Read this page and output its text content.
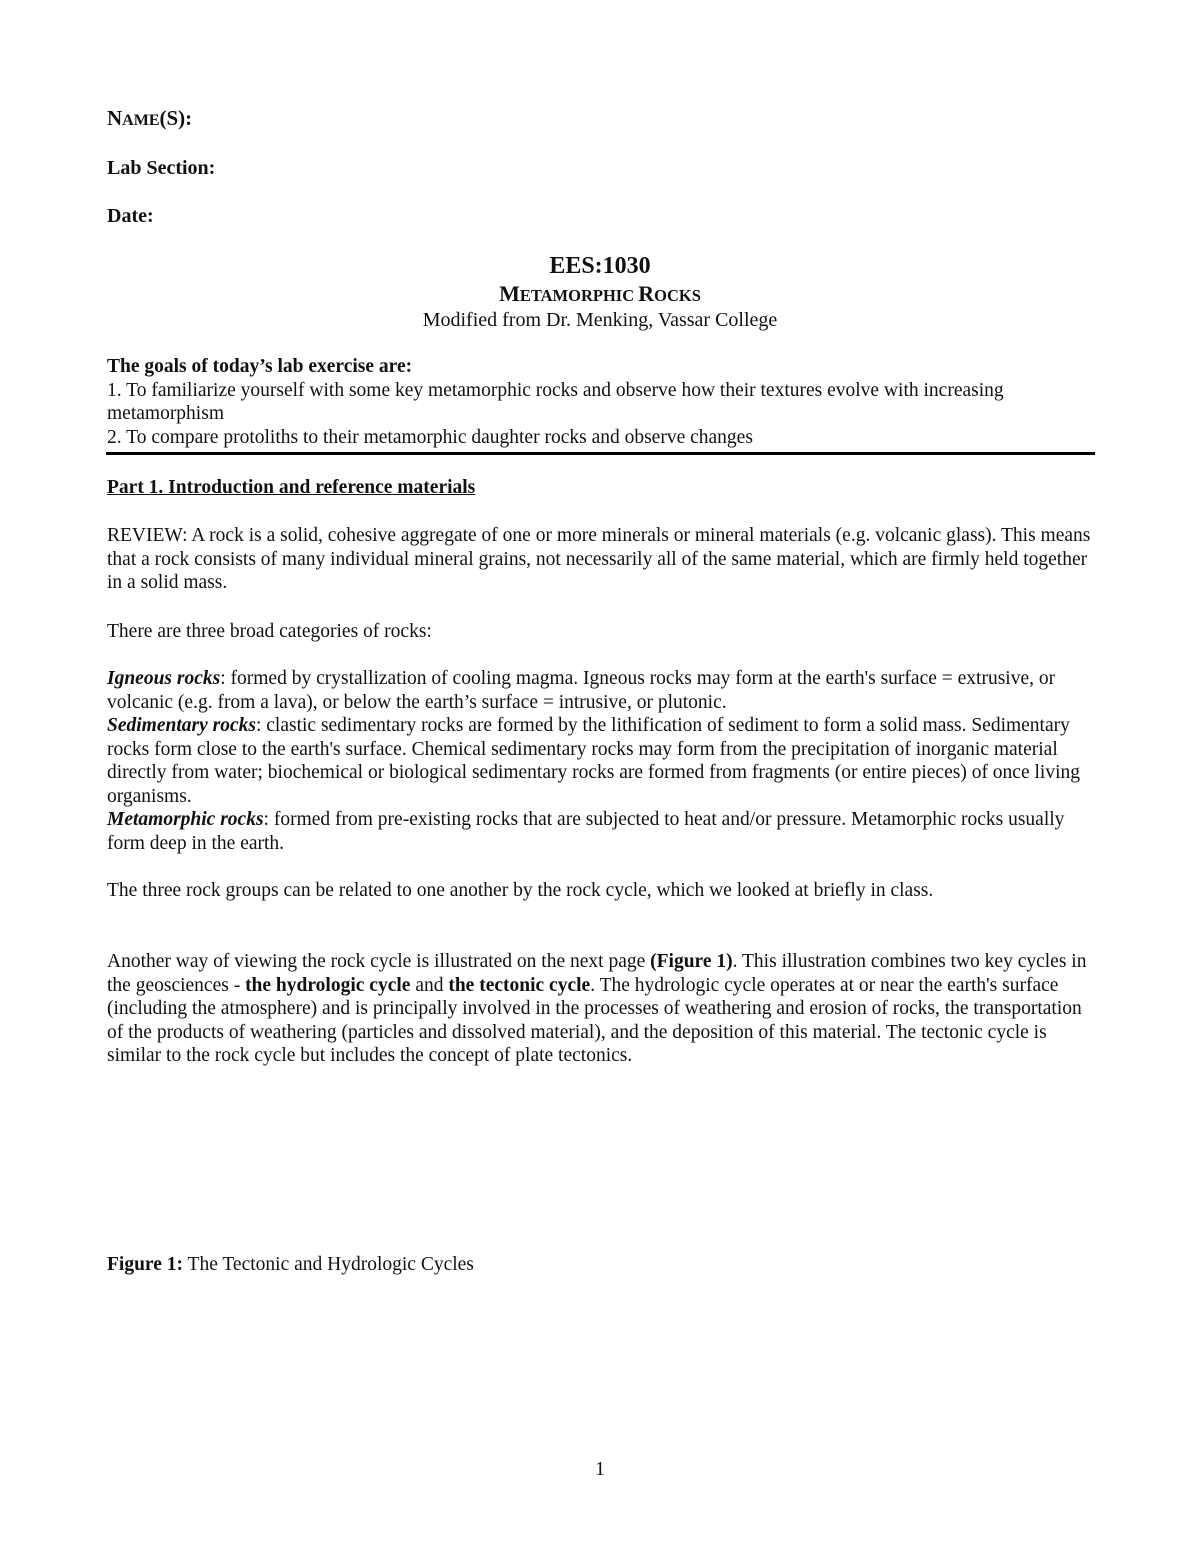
NAME(S):
Lab Section:
Date:
EES:1030
METAMORPHIC ROCKS
Modified from Dr. Menking, Vassar College

The goals of today’s lab exercise are:

1. To familiarize yourself with some key metamorphic rocks and observe how their textures evolve with increasing metamorphism

2. To compare protoliths to their metamorphic daughter rocks and observe changes

Part 1. Introduction and reference materials
REVIEW: A rock is a solid, cohesive aggregate of one or more minerals or mineral materials (e.g. volcanic glass). This means that a rock consists of many individual mineral grains, not necessarily all of the same material, which are firmly held together in a solid mass.
There are three broad categories of rocks:

Igneous rocks: formed by crystallization of cooling magma. Igneous rocks may form at the earth's surface = extrusive, or volcanic (e.g. from a lava), or below the earth’s surface = intrusive, or plutonic.

Sedimentary rocks: clastic sedimentary rocks are formed by the lithification of sediment to form a solid mass. Sedimentary rocks form close to the earth's surface. Chemical sedimentary rocks may form from the precipitation of inorganic material directly from water; biochemical or biological sedimentary rocks are formed from fragments (or entire pieces) of once living organisms.

Metamorphic rocks: formed from pre-existing rocks that are subjected to heat and/or pressure. Metamorphic rocks usually form deep in the earth.

The three rock groups can be related to one another by the rock cycle, which we looked at briefly in class.
Another way of viewing the rock cycle is illustrated on the next page (Figure 1). This illustration combines two key cycles in the geosciences - the hydrologic cycle and the tectonic cycle. The hydrologic cycle operates at or near the earth's surface (including the atmosphere) and is principally involved in the processes of weathering and erosion of rocks, the transportation of the products of weathering (particles and dissolved material), and the deposition of this material. The tectonic cycle is similar to the rock cycle but includes the concept of plate tectonics.
Figure 1: The Tectonic and Hydrologic Cycles
1
